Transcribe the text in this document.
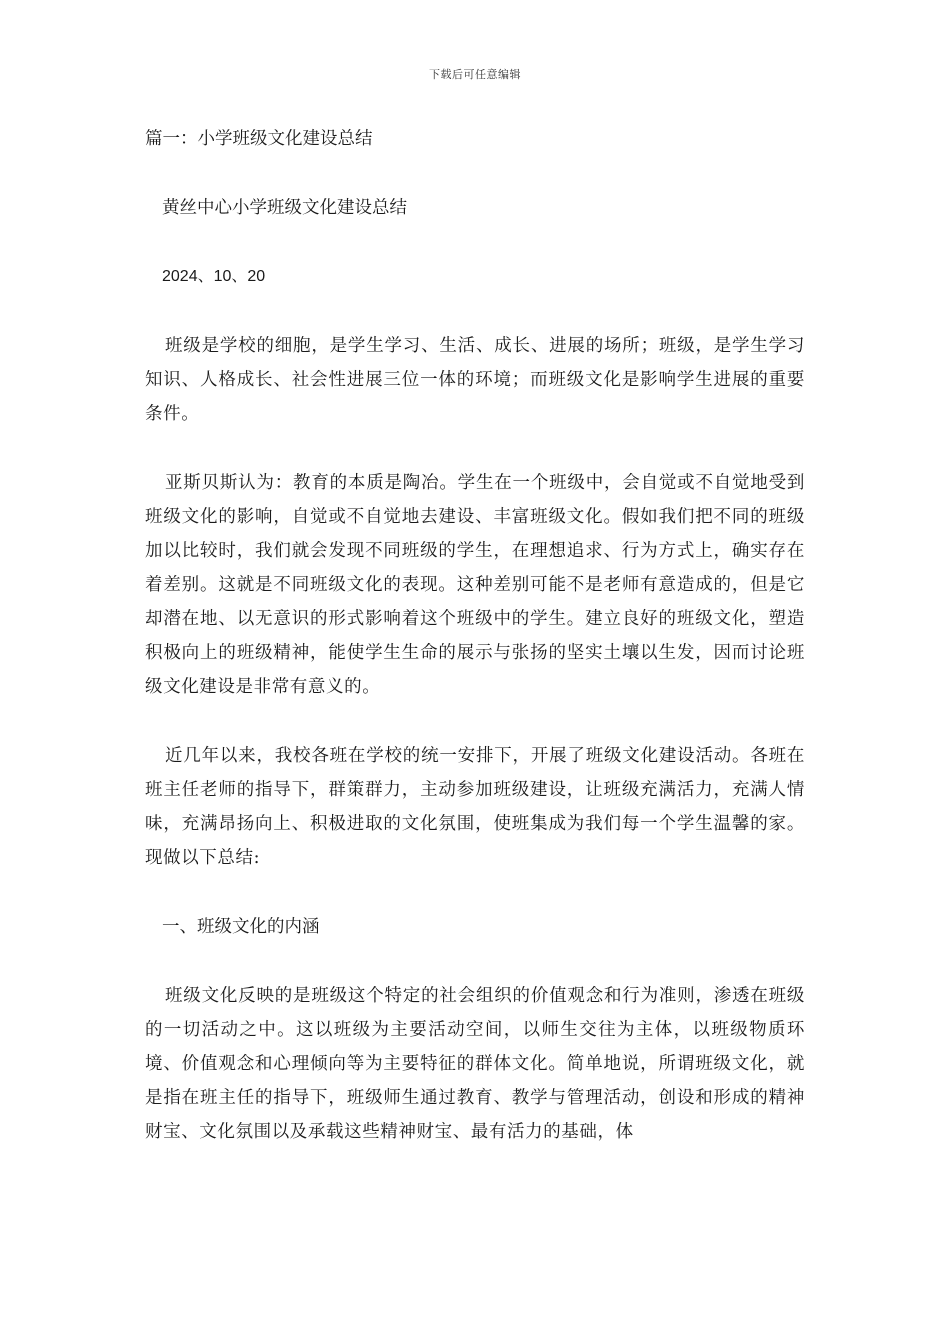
下载后可任意编辑

篇一：小学班级文化建设总结

黄丝中心小学班级文化建设总结

2024、10、20

班级是学校的细胞，是学生学习、生活、成长、进展的场所；班级，是学生学习知识、人格成长、社会性进展三位一体的环境；而班级文化是影响学生进展的重要条件。

亚斯贝斯认为：教育的本质是陶冶。学生在一个班级中，会自觉或不自觉地受到班级文化的影响，自觉或不自觉地去建设、丰富班级文化。假如我们把不同的班级加以比较时，我们就会发现不同班级的学生，在理想追求、行为方式上，确实存在着差别。这就是不同班级文化的表现。这种差别可能不是老师有意造成的，但是它却潜在地、以无意识的形式影响着这个班级中的学生。建立良好的班级文化，塑造积极向上的班级精神，能使学生生命的展示与张扬的坚实土壤以生发，因而讨论班级文化建设是非常有意义的。

近几年以来，我校各班在学校的统一安排下，开展了班级文化建设活动。各班在班主任老师的指导下，群策群力，主动参加班级建设，让班级充满活力，充满人情味，充满昂扬向上、积极进取的文化氛围，使班集成为我们每一个学生温馨的家。现做以下总结:

一、班级文化的内涵

班级文化反映的是班级这个特定的社会组织的价值观念和行为准则，渗透在班级的一切活动之中。这以班级为主要活动空间，以师生交往为主体，以班级物质环境、价值观念和心理倾向等为主要特征的群体文化。简单地说，所谓班级文化，就是指在班主任的指导下，班级师生通过教育、教学与管理活动，创设和形成的精神财宝、文化氛围以及承载这些精神财宝、最有活力的基础，体
